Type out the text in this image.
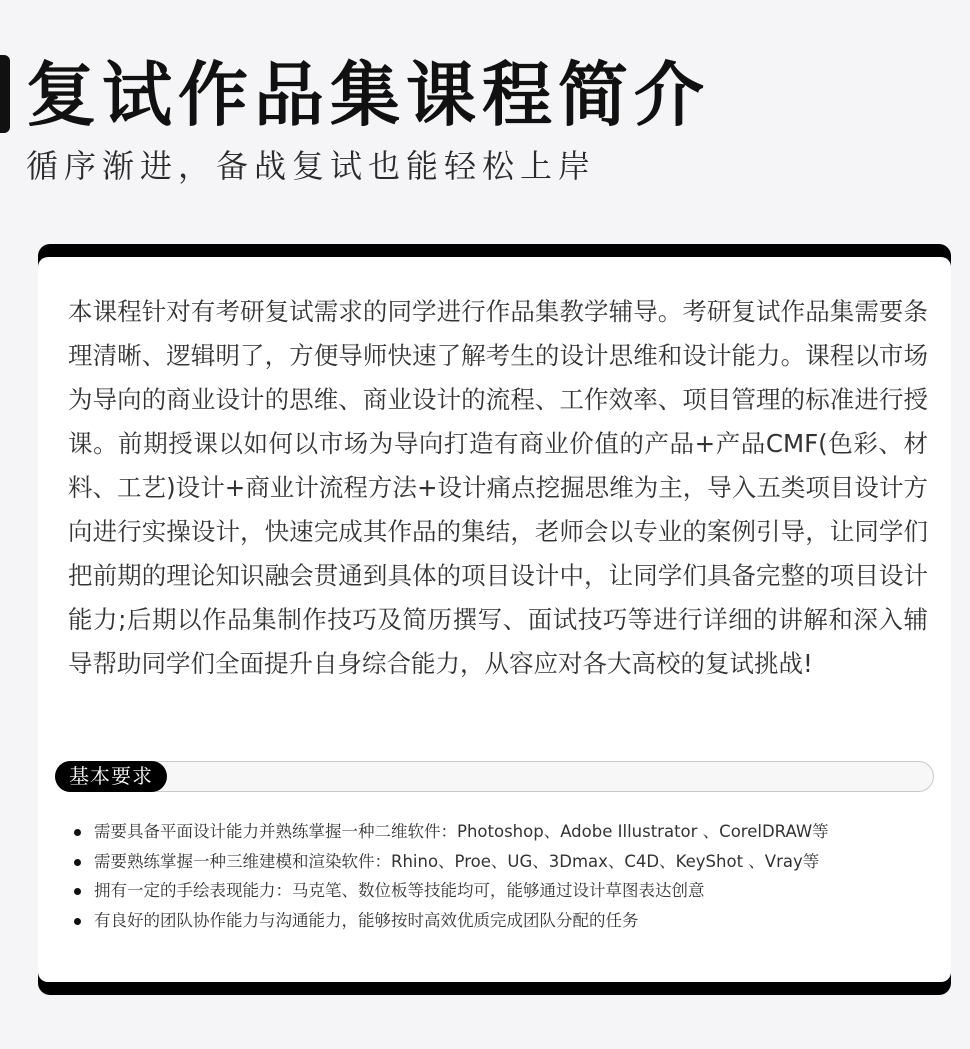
复试作品集课程简介

循序渐进，备战复试也能轻松上岸

本课程针对有考研复试需求的同学进行作品集教学辅导。考研复试作品集需要条理清晰、逻辑明了，方便导师快速了解考生的设计思维和设计能力。课程以市场为导向的商业设计的思维、商业设计的流程、工作效率、项目管理的标准进行授课。前期授课以如何以市场为导向打造有商业价值的产品+产品CMF(色彩、材料、工艺)设计+商业计流程方法+设计痛点挖掘思维为主，导入五类项目设计方向进行实操设计，快速完成其作品的集结，老师会以专业的案例引导，让同学们把前期的理论知识融会贯通到具体的项目设计中，让同学们具备完整的项目设计能力;后期以作品集制作技巧及简历撰写、面试技巧等进行详细的讲解和深入辅导帮助同学们全面提升自身综合能力，从容应对各大高校的复试挑战!

基本要求
需要具备平面设计能力并熟练掌握一种二维软件：Photoshop、Adobe Illustrator 、CorelDRAW等
需要熟练掌握一种三维建模和渲染软件：Rhino、Proe、UG、3Dmax、C4D、KeyShot 、Vray等
拥有一定的手绘表现能力：马克笔、数位板等技能均可，能够通过设计草图表达创意
有良好的团队协作能力与沟通能力，能够按时高效优质完成团队分配的任务
